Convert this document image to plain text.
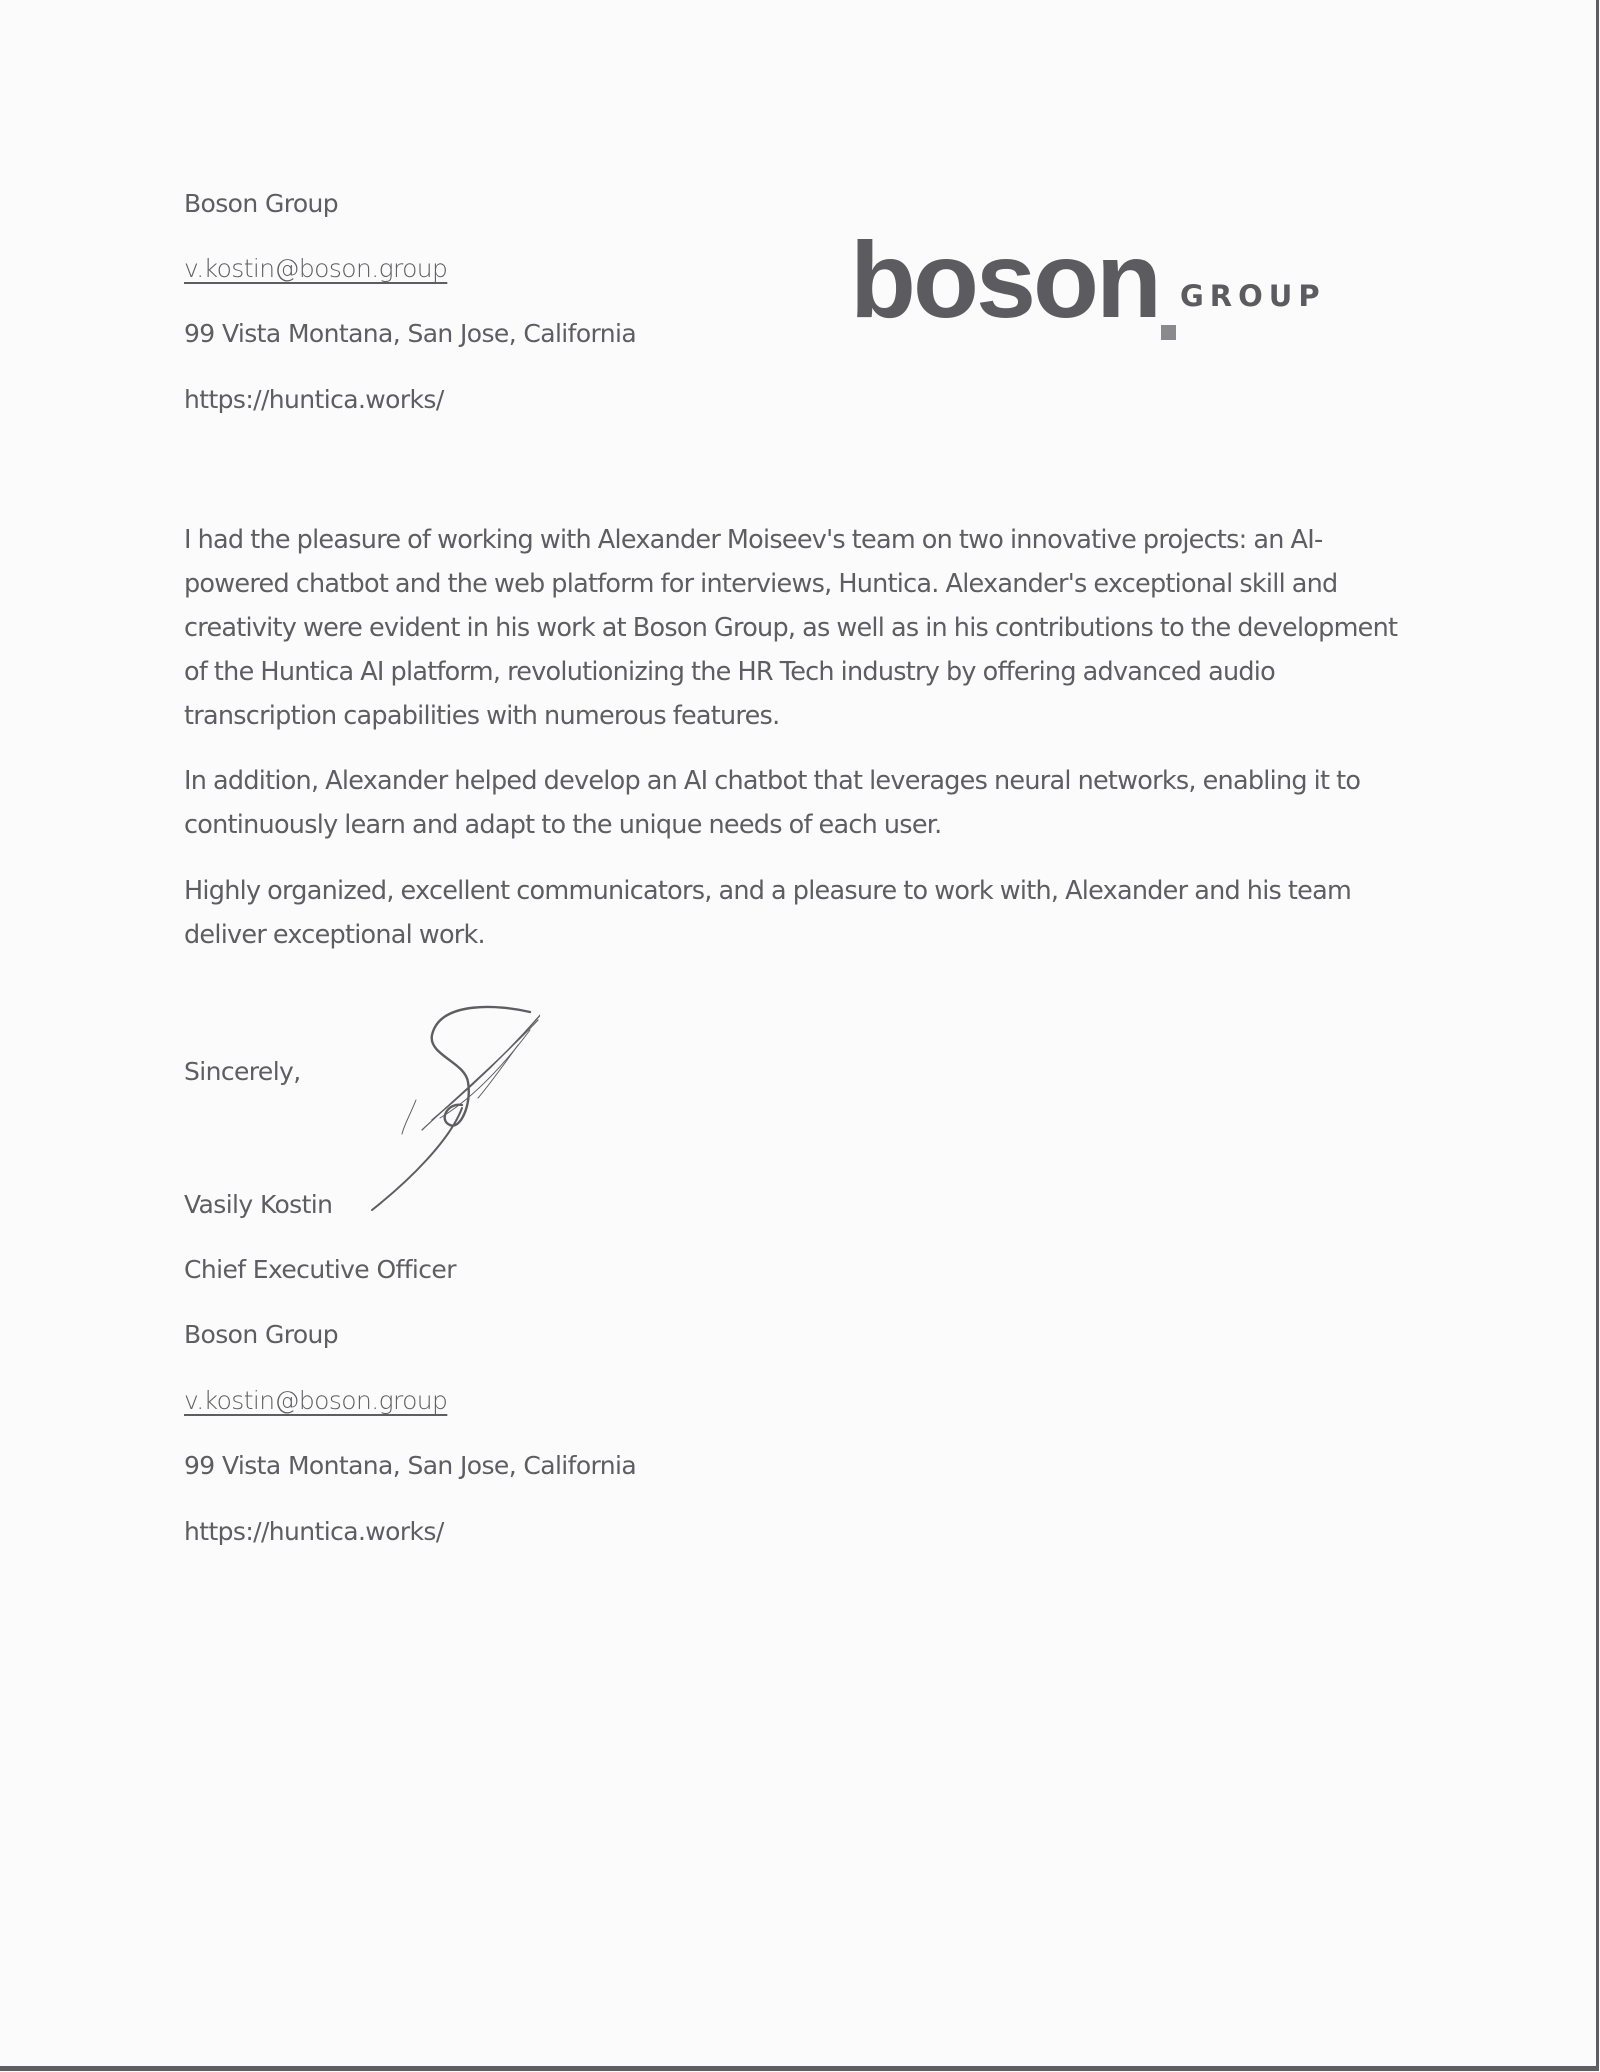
Boson Group

v.kostin@boson.group

99 Vista Montana, San Jose, California

https://huntica.works/

boson GROUP

I had the pleasure of working with Alexander Moiseev's team on two innovative projects: an AI-powered chatbot and the web platform for interviews, Huntica. Alexander's exceptional skill and creativity were evident in his work at Boson Group, as well as in his contributions to the development of the Huntica AI platform, revolutionizing the HR Tech industry by offering advanced audio transcription capabilities with numerous features.

In addition, Alexander helped develop an AI chatbot that leverages neural networks, enabling it to continuously learn and adapt to the unique needs of each user.

Highly organized, excellent communicators, and a pleasure to work with, Alexander and his team deliver exceptional work.

Sincerely,

Vasily Kostin

Chief Executive Officer

Boson Group

v.kostin@boson.group

99 Vista Montana, San Jose, California

https://huntica.works/
